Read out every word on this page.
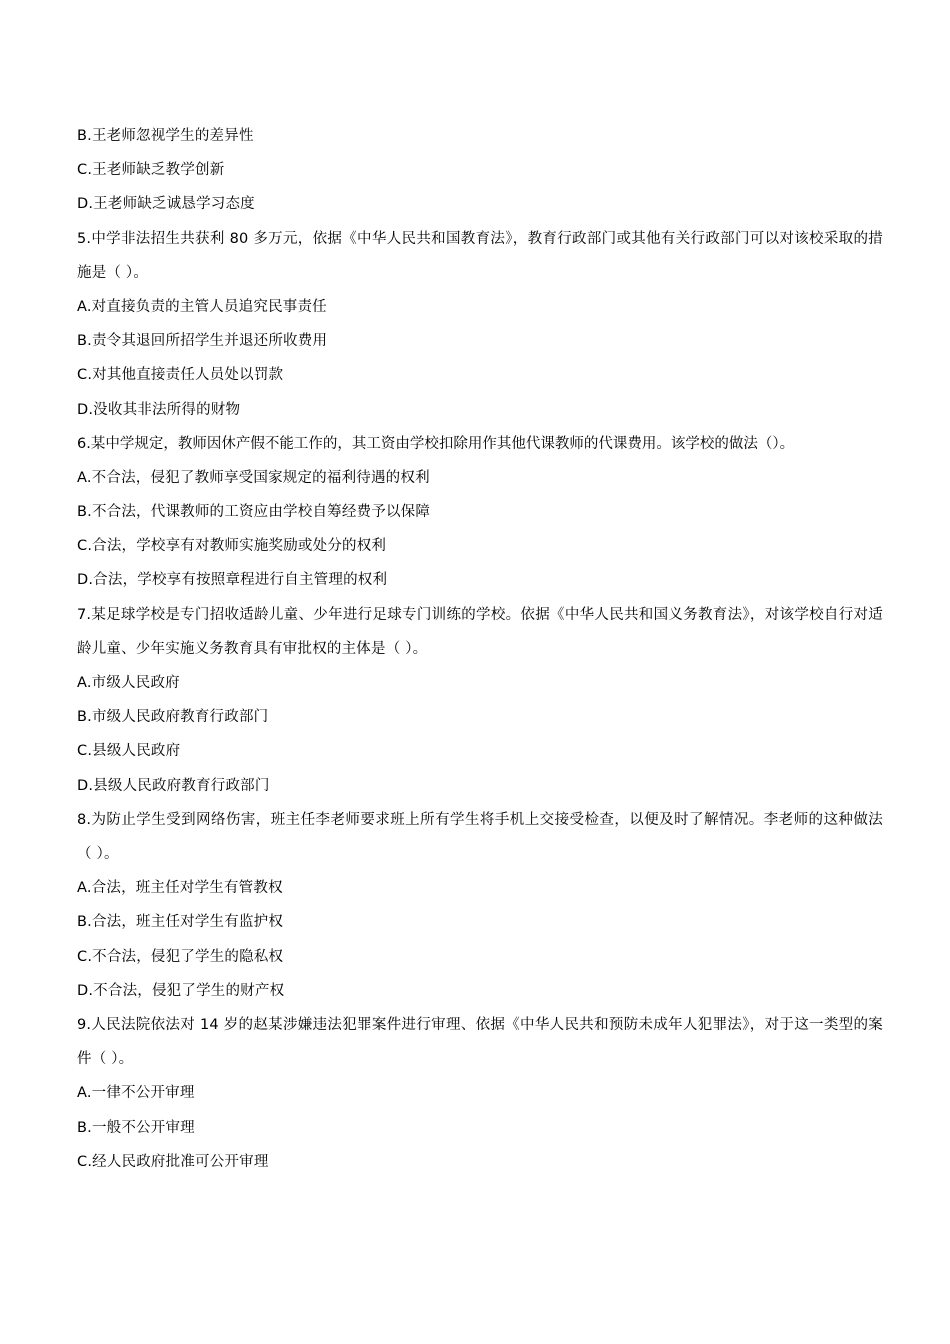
B.王老师忽视学生的差异性
C.王老师缺乏教学创新
D.王老师缺乏诚恳学习态度
5.中学非法招生共获利 80 多万元，依据《中华人民共和国教育法》，教育行政部门或其他有关行政部门可以对该校采取的措施是（ ）。
A.对直接负责的主管人员追究民事责任
B.责令其退回所招学生并退还所收费用
C.对其他直接责任人员处以罚款
D.没收其非法所得的财物
6.某中学规定，教师因休产假不能工作的，其工资由学校扣除用作其他代课教师的代课费用。该学校的做法（）。
A.不合法，侵犯了教师享受国家规定的福利待遇的权利
B.不合法，代课教师的工资应由学校自筹经费予以保障
C.合法，学校享有对教师实施奖励或处分的权利
D.合法，学校享有按照章程进行自主管理的权利
7.某足球学校是专门招收适龄儿童、少年进行足球专门训练的学校。依据《中华人民共和国义务教育法》，对该学校自行对适龄儿童、少年实施义务教育具有审批权的主体是（ ）。
A.市级人民政府
B.市级人民政府教育行政部门
C.县级人民政府
D.县级人民政府教育行政部门
8.为防止学生受到网络伤害，班主任李老师要求班上所有学生将手机上交接受检查，以便及时了解情况。李老师的这种做法（ ）。
A.合法，班主任对学生有管教权
B.合法，班主任对学生有监护权
C.不合法，侵犯了学生的隐私权
D.不合法，侵犯了学生的财产权
9.人民法院依法对 14 岁的赵某涉嫌违法犯罪案件进行审理、依据《中华人民共和预防未成年人犯罪法》，对于这一类型的案件（ ）。
A.一律不公开审理
B.一般不公开审理
C.经人民政府批准可公开审理
